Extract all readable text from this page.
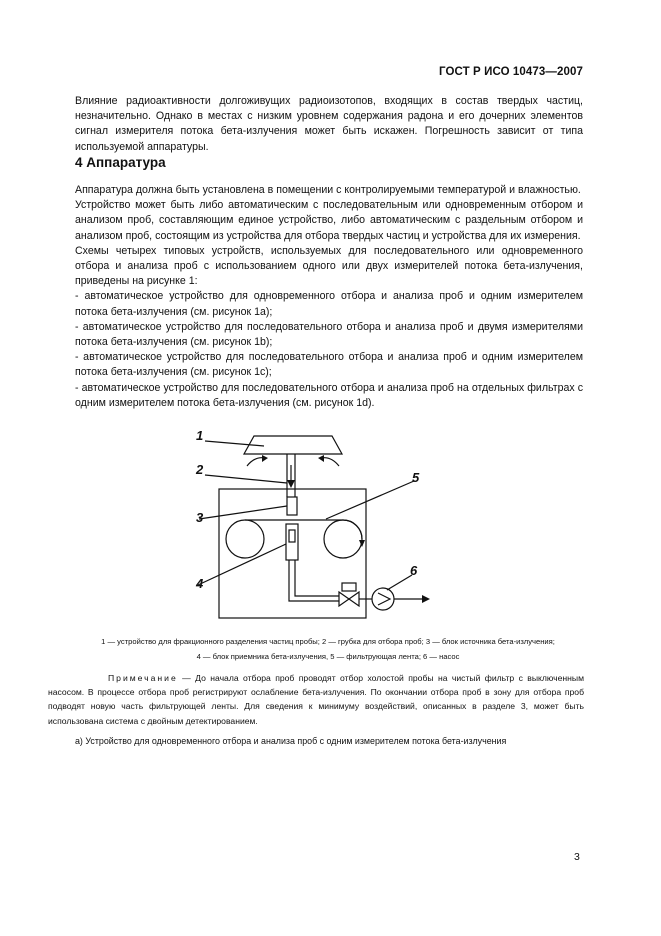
ГОСТ Р ИСО 10473—2007
Влияние радиоактивности долгоживущих радиоизотопов, входящих в состав твердых частиц, незначительно. Однако в местах с низким уровнем содержания радона и его дочерних элементов сигнал измерителя потока бета-излучения может быть искажен. Погрешность зависит от типа используемой аппаратуры.
4 Аппаратура
Аппаратура должна быть установлена в помещении с контролируемыми температурой и влажностью.
Устройство может быть либо автоматическим с последовательным или одновременным отбором и анализом проб, составляющим единое устройство, либо автоматическим с раздельным отбором и анализом проб, состоящим из устройства для отбора твердых частиц и устройства для их измерения.
Схемы четырех типовых устройств, используемых для последовательного или одновременного отбора и анализа проб с использованием одного или двух измерителей потока бета-излучения, приведены на рисунке 1:
- автоматическое устройство для одновременного отбора и анализа проб и одним измерителем потока бета-излучения (см. рисунок 1a);
- автоматическое устройство для последовательного отбора и анализа проб и двумя измерителями потока бета-излучения (см. рисунок 1b);
- автоматическое устройство для последовательного отбора и анализа проб и одним измерителем потока бета-излучения (см. рисунок 1c);
- автоматическое устройство для последовательного отбора и анализа проб на отдельных фильтрах с одним измерителем потока бета-излучения (см. рисунок 1d).
1
2
3
4
5
6
1 — устройство для фракционного разделения частиц пробы; 2 — грубка для отбора проб; 3 — блок источника бета-излучения;
4 — блок приемника бета-излучения, 5 — фильтрующая лента; 6 — насос
Примечание — До начала отбора проб проводят отбор холостой пробы на чистый фильтр с выключенным насосом. В процессе отбора проб регистрируют ослабление бета-излучения. По окончании отбора проб в зону для отбора проб подводят новую часть фильтрующей ленты. Для сведения к минимуму воздействий, описанных в разделе 3, может быть использована система с двойным детектированием.
a) Устройство для одновременного отбора и анализа проб с одним измерителем потока бета-излучения
3
